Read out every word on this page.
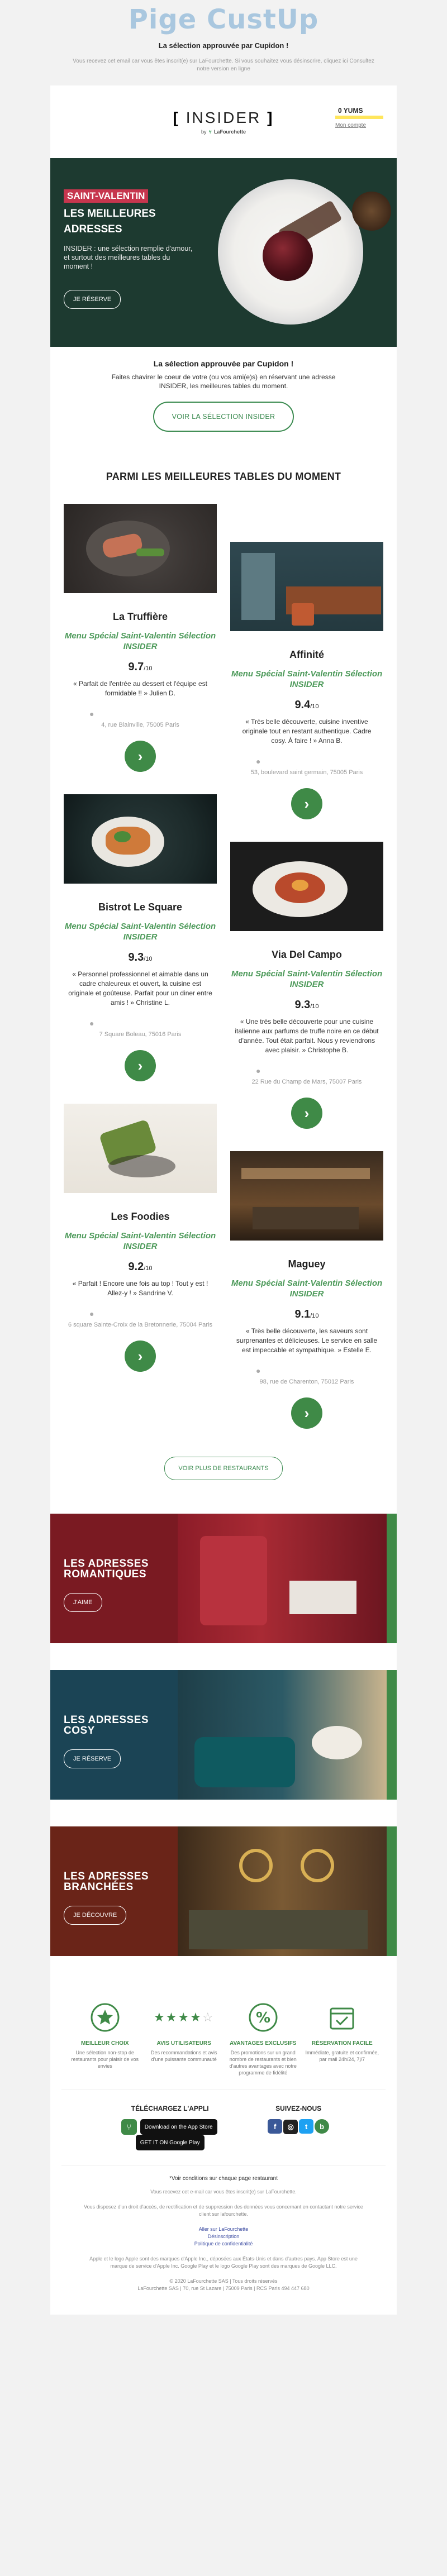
Pige CustUp
La sélection approuvée par Cupidon !
Vous recevez cet email car vous êtes inscrit(e) sur LaFourchette. Si vous souhaitez vous désinscrire, cliquez ici Consultez notre version en ligne
[ INSIDER ]
by ⑂ LaFourchette
0 YUMS
Mon compte
SAINT-VALENTIN
LES MEILLEURES ADRESSES
INSIDER : une sélection remplie d'amour, et surtout des meilleures tables du moment !
JE RÉSERVE
La sélection approuvée par Cupidon !
Faites chavirer le coeur de votre (ou vos ami(e)s) en réservant une adresse INSIDER, les meilleures tables du moment.
VOIR LA SÉLECTION INSIDER
PARMI LES MEILLEURES TABLES DU MOMENT
La Truffière
Menu Spécial Saint-Valentin Sélection INSIDER
9.7/10
« Parfait de l'entrée au dessert et l'équipe est formidable !! » Julien D.
●
4, rue Blainville, 75005 Paris
›
Bistrot Le Square
Menu Spécial Saint-Valentin Sélection INSIDER
9.3/10
« Personnel professionnel et aimable dans un cadre chaleureux et ouvert, la cuisine est originale et goûteuse. Parfait pour un diner entre amis ! » Christine L.
●
7 Square Boleau, 75016 Paris
›
Les Foodies
Menu Spécial Saint-Valentin Sélection INSIDER
9.2/10
« Parfait ! Encore une fois au top ! Tout y est ! Allez-y ! » Sandrine V.
●
6 square Sainte-Croix de la Bretonnerie, 75004 Paris
›
Affinité
Menu Spécial Saint-Valentin Sélection INSIDER
9.4/10
« Très belle découverte, cuisine inventive originale tout en restant authentique. Cadre cosy. À faire ! » Anna B.
●
53, boulevard saint germain, 75005 Paris
›
Via Del Campo
Menu Spécial Saint-Valentin Sélection INSIDER
9.3/10
« Une très belle découverte pour une cuisine italienne aux parfums de truffe noire en ce début d'année. Tout était parfait. Nous y reviendrons avec plaisir. » Christophe B.
●
22 Rue du Champ de Mars, 75007 Paris
›
Maguey
Menu Spécial Saint-Valentin Sélection INSIDER
9.1/10
« Très belle découverte, les saveurs sont surprenantes et délicieuses. Le service en salle est impeccable et sympathique. » Estelle E.
●
98, rue de Charenton, 75012 Paris
›
VOIR PLUS DE RESTAURANTS
LES ADRESSES ROMANTIQUES
J'AIME
LES ADRESSES COSY
JE RÉSERVE
LES ADRESSES BRANCHÉES
JE DÉCOUVRE
MEILLEUR CHOIX
Une sélection non-stop de restaurants pour plaisir de vos envies
★★★★ ☆
AVIS UTILISATEURS
Des recommandations et avis d'une puissante communauté
%
AVANTAGES EXCLUSIFS
Des promotions sur un grand nombre de restaurants et bien d'autres avantages avec notre programme de fidélité
RÉSERVATION FACILE
Immédiate, gratuite et confirmée, par mail 24h/24, 7j/7
TÉLÉCHARGEZ L'APPLI
⑂ Download on the App StoreGET IT ON Google Play
SUIVEZ-NOUS
f ◎ t b
*Voir conditions sur chaque page restaurant

Vous recevez cet e-mail car vous êtes inscrit(e) sur LaFourchette.

Vous disposez d'un droit d'accès, de rectification et de suppression des données vous concernant en contactant notre service client sur lafourchette.

Aller sur LaFourchette
Désinscription
Politique de confidentialité

Apple et le logo Apple sont des marques d'Apple Inc., déposées aux États-Unis et dans d'autres pays. App Store est une marque de service d'Apple Inc. Google Play et le logo Google Play sont des marques de Google LLC.

© 2020 LaFourchette SAS | Tous droits réservés
LaFourchette SAS | 70, rue St Lazare | 75009 Paris | RCS Paris 494 447 680
